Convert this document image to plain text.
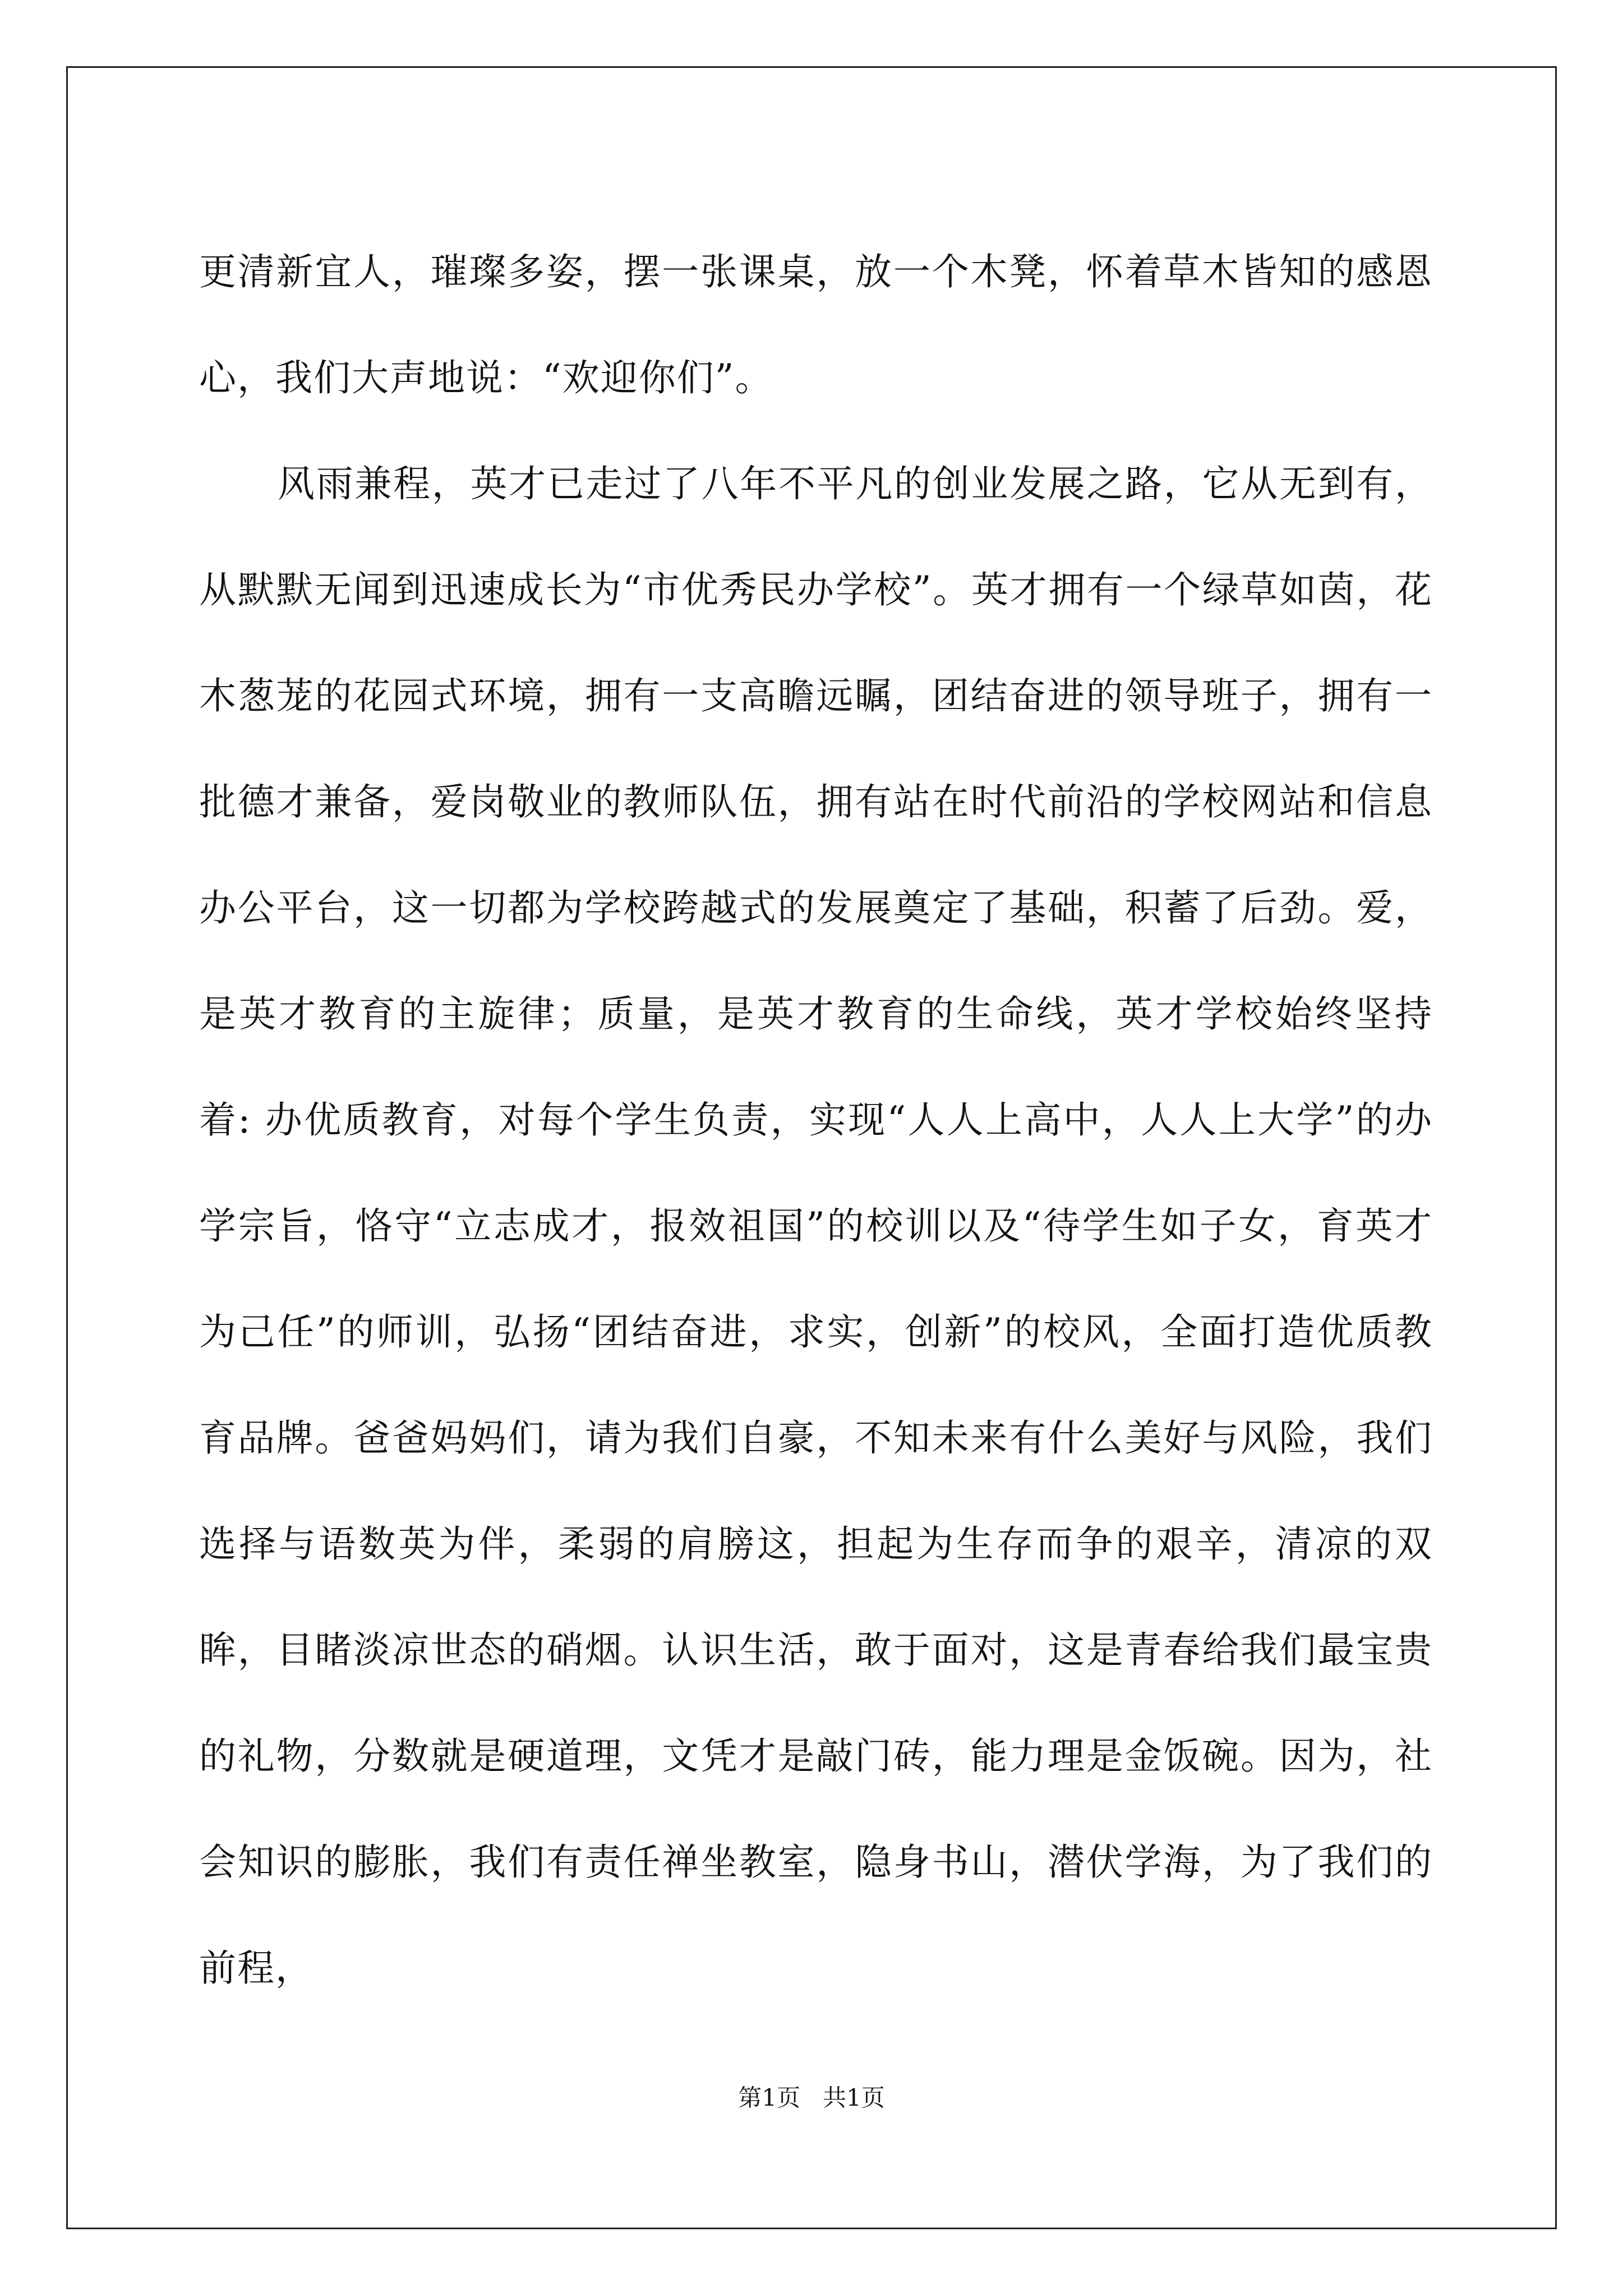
更清新宜人，璀璨多姿，摆一张课桌，放一个木凳，怀着草木皆知的感恩心，我们大声地说：“欢迎你们”。

风雨兼程，英才已走过了八年不平凡的创业发展之路，它从无到有，从默默无闻到迅速成长为“市优秀民办学校”。英才拥有一个绿草如茵，花木葱茏的花园式环境，拥有一支高瞻远瞩，团结奋进的领导班子，拥有一批德才兼备，爱岗敬业的教师队伍，拥有站在时代前沿的学校网站和信息办公平台，这一切都为学校跨越式的发展奠定了基础，积蓄了后劲。爱，是英才教育的主旋律；质量，是英才教育的生命线，英才学校始终坚持着: 办优质教育，对每个学生负责，实现“人人上高中，人人上大学”的办学宗旨，恪守“立志成才，报效祖国”的校训以及“待学生如子女，育英才为己任”的师训，弘扬“团结奋进，求实，创新”的校风，全面打造优质教育品牌。爸爸妈妈们，请为我们自豪，不知未来有什么美好与风险，我们选择与语数英为伴，柔弱的肩膀这，担起为生存而争的艰辛，清凉的双眸，目睹淡凉世态的硝烟。认识生活，敢于面对，这是青春给我们最宝贵的礼物，分数就是硬道理，文凭才是敲门砖，能力理是金饭碗。因为，社会知识的膨胀，我们有责任禅坐教室，隐身书山，潜伏学海，为了我们的前程，

第1页 共1页
